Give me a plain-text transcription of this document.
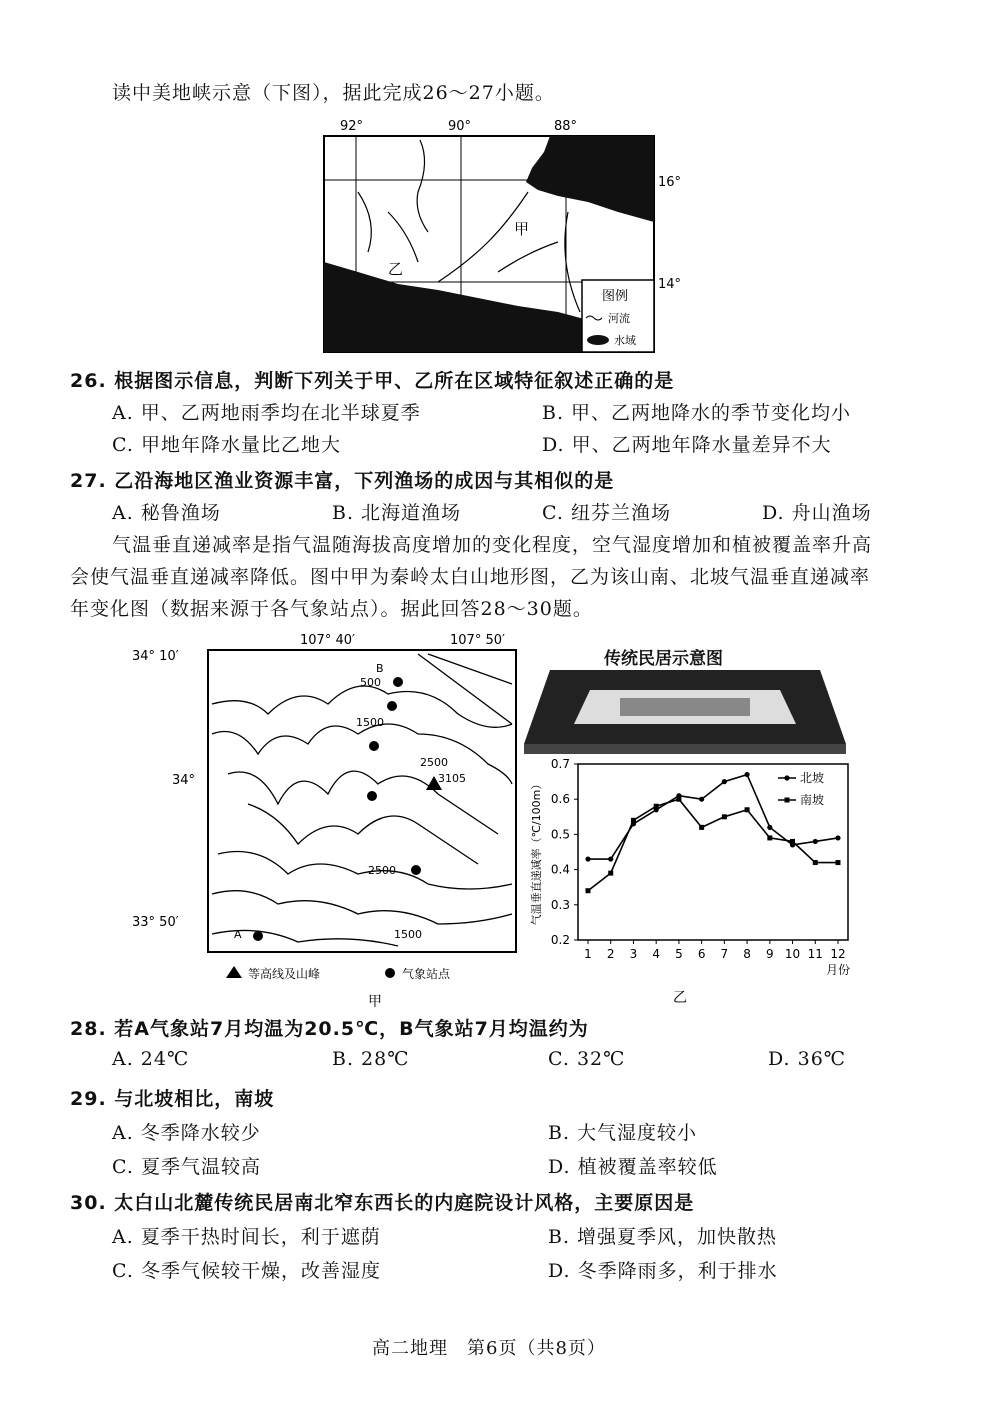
读中美地峡示意（下图），据此完成26～27小题。
92°	90°	88°
甲
乙
16°
14°
图例
河流
水域
26. 根据图示信息，判断下列关于甲、乙所在区域特征叙述正确的是
A. 甲、乙两地雨季均在北半球夏季	B. 甲、乙两地降水的季节变化均小
C. 甲地年降水量比乙地大	D. 甲、乙两地年降水量差异不大
27. 乙沿海地区渔业资源丰富，下列渔场的成因与其相似的是
A. 秘鲁渔场	B. 北海道渔场	C. 纽芬兰渔场	D. 舟山渔场
气温垂直递减率是指气温随海拔高度增加的变化程度，空气湿度增加和植被覆盖率升高
会使气温垂直递减率降低。图中甲为秦岭太白山地形图，乙为该山南、北坡气温垂直递减率
年变化图（数据来源于各气象站点）。据此回答28～30题。
107° 40′	107° 50′
34° 10′
34°
33° 50′
B
500
1500
2500
3105
2500
A	1500
等高线及山峰	气象站点
甲
传统民居示意图
0.2
0.3
0.4
0.5
0.6
0.7
1 2 3 4 5 6 7 8 9 10 11 12
月份
气温垂直递减率（℃/100m）
乙
北坡
南坡
28. 若A气象站7月均温为20.5℃，B气象站7月均温约为
A. 24℃	B. 28℃	C. 32℃	D. 36℃
29. 与北坡相比，南坡
A. 冬季降水较少	B. 大气湿度较小
C. 夏季气温较高	D. 植被覆盖率较低
30. 太白山北麓传统民居南北窄东西长的内庭院设计风格，主要原因是
A. 夏季干热时间长，利于遮荫	B. 增强夏季风，加快散热
C. 冬季气候较干燥，改善湿度	D. 冬季降雨多，利于排水
高二地理　第6页（共8页）
